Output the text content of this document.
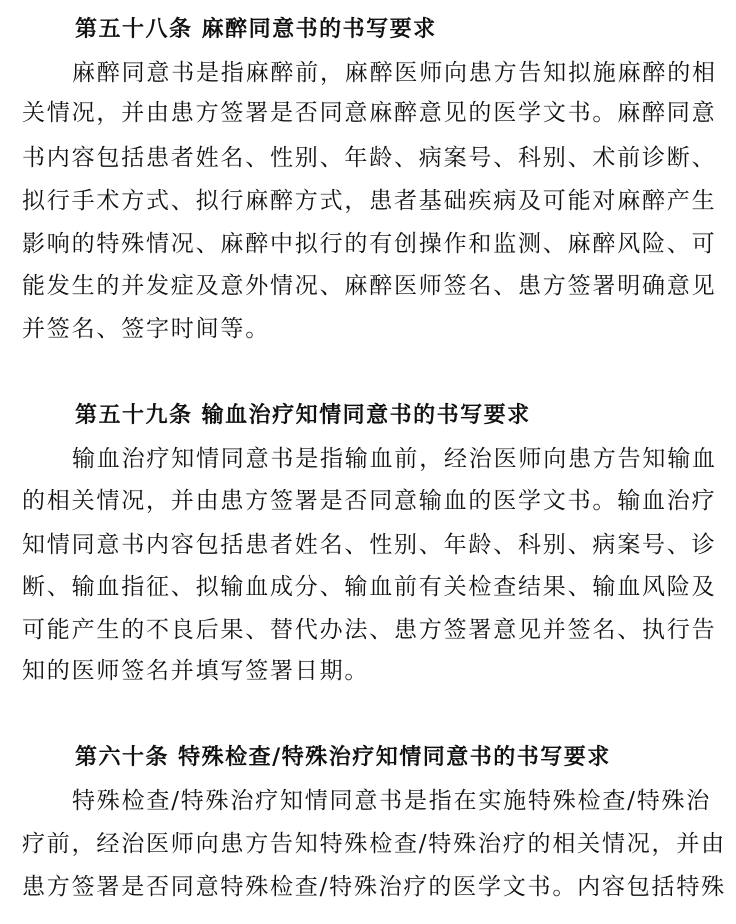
第五十八条 麻醉同意书的书写要求
麻醉同意书是指麻醉前，麻醉医师向患方告知拟施麻醉的相
关情况，并由患方签署是否同意麻醉意见的医学文书。麻醉同意
书内容包括患者姓名、性别、年龄、病案号、科别、术前诊断、
拟行手术方式、拟行麻醉方式，患者基础疾病及可能对麻醉产生
影响的特殊情况、麻醉中拟行的有创操作和监测、麻醉风险、可
能发生的并发症及意外情况、麻醉医师签名、患方签署明确意见
并签名、签字时间等。
第五十九条 输血治疗知情同意书的书写要求
输血治疗知情同意书是指输血前，经治医师向患方告知输血
的相关情况，并由患方签署是否同意输血的医学文书。输血治疗
知情同意书内容包括患者姓名、性别、年龄、科别、病案号、诊
断、输血指征、拟输血成分、输血前有关检查结果、输血风险及
可能产生的不良后果、替代办法、患方签署意见并签名、执行告
知的医师签名并填写签署日期。
第六十条 特殊检查/特殊治疗知情同意书的书写要求
特殊检查/特殊治疗知情同意书是指在实施特殊检查/特殊治
疗前，经治医师向患方告知特殊检查/特殊治疗的相关情况，并由
患方签署是否同意特殊检查/特殊治疗的医学文书。内容包括特殊
